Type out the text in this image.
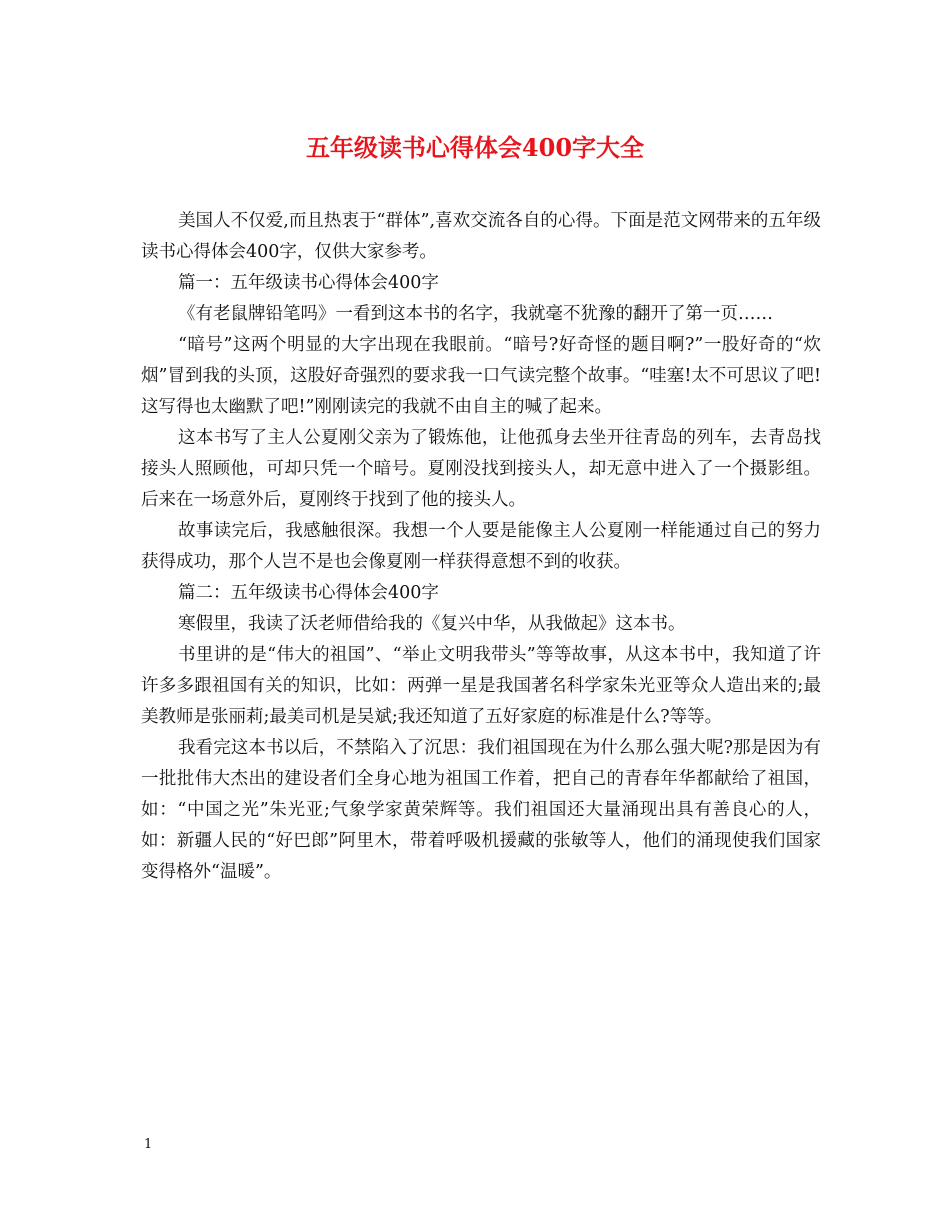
五年级读书心得体会400字大全

美国人不仅爱,而且热衷于“群体”,喜欢交流各自的心得。下面是范文网带来的五年级读书心得体会400字，仅供大家参考。

篇一：五年级读书心得体会400字

《有老鼠牌铅笔吗》一看到这本书的名字，我就毫不犹豫的翻开了第一页……

“暗号”这两个明显的大字出现在我眼前。“暗号?好奇怪的题目啊?”一股好奇的“炊烟”冒到我的头顶，这股好奇强烈的要求我一口气读完整个故事。“哇塞!太不可思议了吧!这写得也太幽默了吧!”刚刚读完的我就不由自主的喊了起来。

这本书写了主人公夏刚父亲为了锻炼他，让他孤身去坐开往青岛的列车，去青岛找接头人照顾他，可却只凭一个暗号。夏刚没找到接头人，却无意中进入了一个摄影组。后来在一场意外后，夏刚终于找到了他的接头人。

故事读完后，我感触很深。我想一个人要是能像主人公夏刚一样能通过自己的努力获得成功，那个人岂不是也会像夏刚一样获得意想不到的收获。

篇二：五年级读书心得体会400字

寒假里，我读了沃老师借给我的《复兴中华，从我做起》这本书。

书里讲的是“伟大的祖国”、“举止文明我带头”等等故事，从这本书中，我知道了许许多多跟祖国有关的知识，比如：两弹一星是我国著名科学家朱光亚等众人造出来的;最美教师是张丽莉;最美司机是吴斌;我还知道了五好家庭的标准是什么?等等。

我看完这本书以后，不禁陷入了沉思：我们祖国现在为什么那么强大呢?那是因为有一批批伟大杰出的建设者们全身心地为祖国工作着，把自己的青春年华都献给了祖国，如：“中国之光”朱光亚;气象学家黄荣辉等。我们祖国还大量涌现出具有善良心的人，如：新疆人民的“好巴郎”阿里木，带着呼吸机援藏的张敏等人，他们的涌现使我们国家变得格外“温暖”。

1
